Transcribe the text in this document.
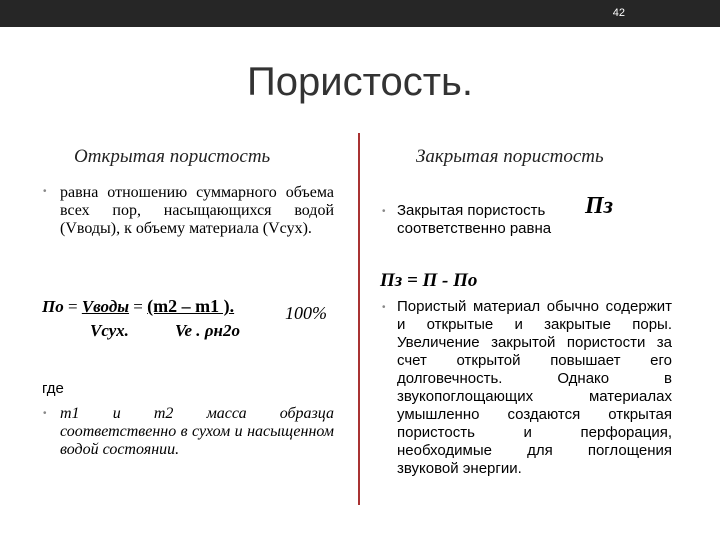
42
Пористость.
Открытая пористость
• равна отношению суммарного объема всех пор, насыщающихся водой (Vводы), к объему материала (Vсух).
По = Vводы = (m2 – m1 ).	100%
Vсух.	Ve . ρн2о
где
• m1 и m2 масса образца соответственно в сухом и насыщенном водой состоянии.
Закрытая пористость
• Закрытая пористость соответственно равна
Пз
Пз = П - По
• Пористый материал обычно содержит и открытые и закрытые поры. Увеличение закрытой пористости за счет открытой повышает его долговечность. Однако в звукопоглощающих материалах умышленно создаются открытая пористость и перфорация, необходимые для поглощения звуковой энергии.
